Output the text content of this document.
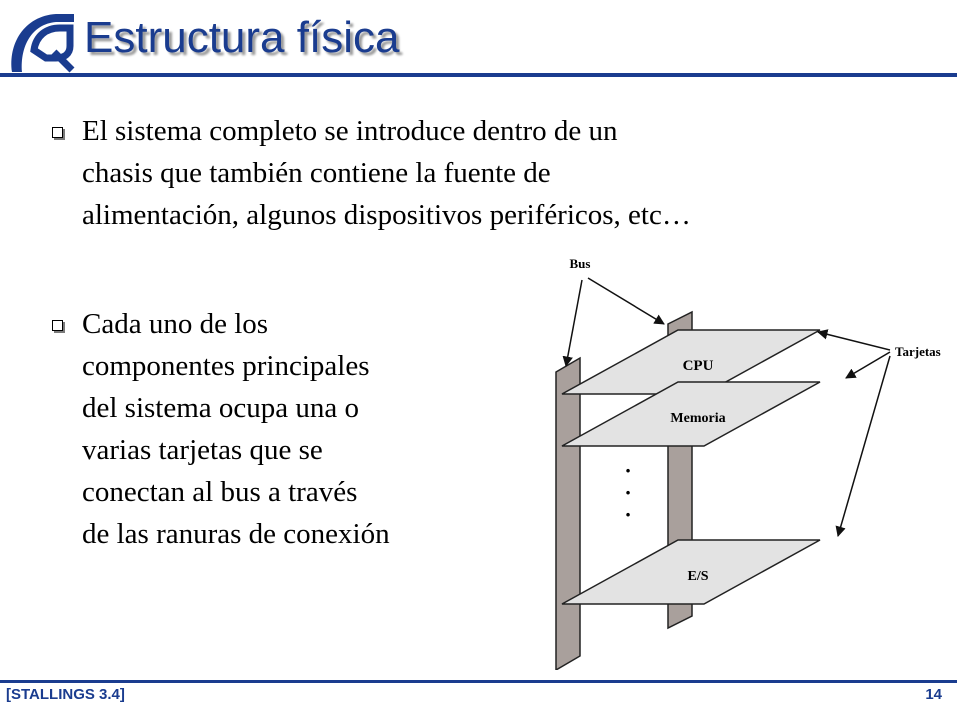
Estructura física

El sistema completo se introduce dentro de un
chasis que también contiene la fuente de
alimentación, algunos dispositivos periféricos, etc…

Cada uno de los
componentes principales
del sistema ocupa una o
varias tarjetas que se
conectan al bus a través
de las ranuras de conexión

CPU
Memoria
E/S
·
·
·
Bus
Tarjetas
[STALLINGS 3.4]	14
